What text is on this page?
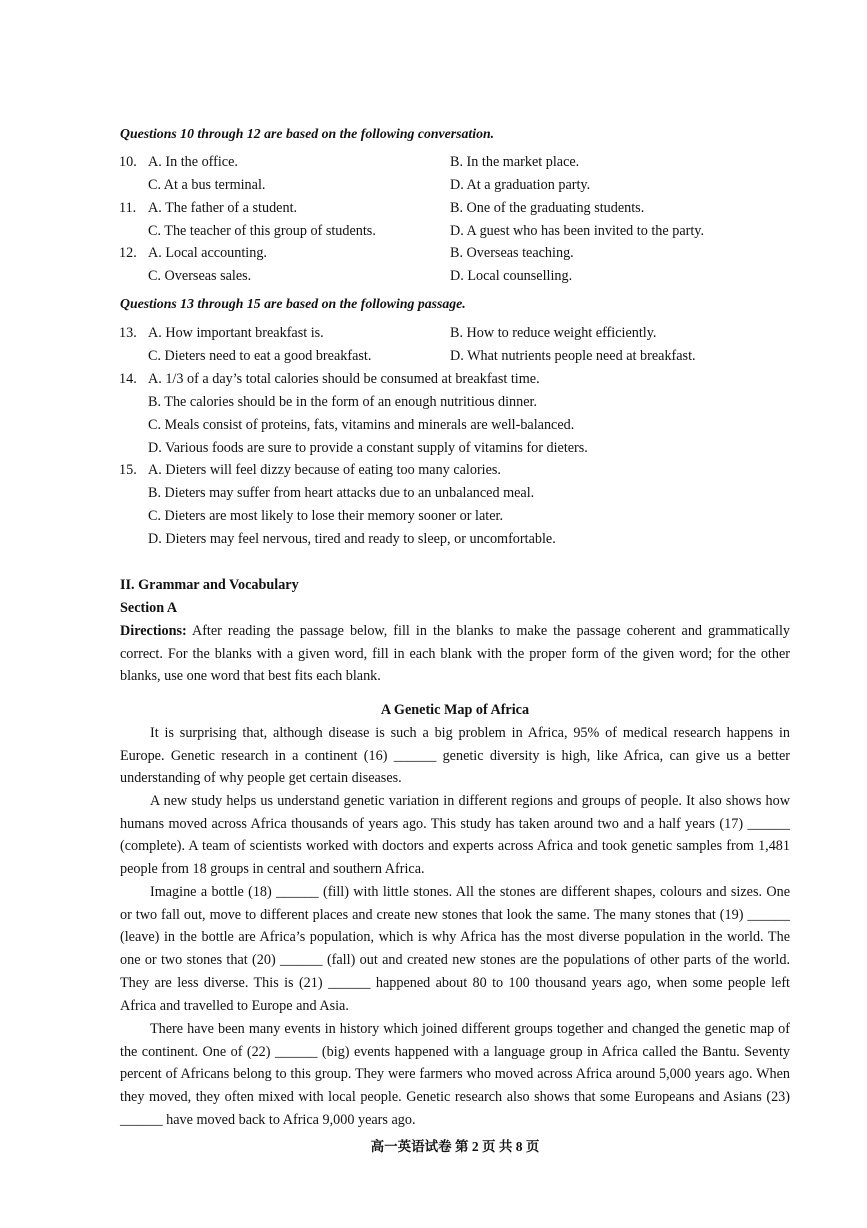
Questions 10 through 12 are based on the following conversation.
10. A. In the office.	B. In the market place.
C. At a bus terminal.	D. At a graduation party.
11. A. The father of a student.	B. One of the graduating students.
C. The teacher of this group of students.	D. A guest who has been invited to the party.
12. A. Local accounting.	B. Overseas teaching.
C. Overseas sales.	D. Local counselling.
Questions 13 through 15 are based on the following passage.
13. A. How important breakfast is.	B. How to reduce weight efficiently.
C. Dieters need to eat a good breakfast.	D. What nutrients people need at breakfast.
14. A. 1/3 of a day’s total calories should be consumed at breakfast time.
B. The calories should be in the form of an enough nutritious dinner.
C. Meals consist of proteins, fats, vitamins and minerals are well-balanced.
D. Various foods are sure to provide a constant supply of vitamins for dieters.
15. A. Dieters will feel dizzy because of eating too many calories.
B. Dieters may suffer from heart attacks due to an unbalanced meal.
C. Dieters are most likely to lose their memory sooner or later.
D. Dieters may feel nervous, tired and ready to sleep, or uncomfortable.
II. Grammar and Vocabulary
Section A

Directions: After reading the passage below, fill in the blanks to make the passage coherent and grammatically correct. For the blanks with a given word, fill in each blank with the proper form of the given word; for the other blanks, use one word that best fits each blank.

A Genetic Map of Africa

It is surprising that, although disease is such a big problem in Africa, 95% of medical research happens in Europe. Genetic research in a continent (16) ______ genetic diversity is high, like Africa, can give us a better understanding of why people get certain diseases.

A new study helps us understand genetic variation in different regions and groups of people. It also shows how humans moved across Africa thousands of years ago. This study has taken around two and a half years (17) ______ (complete). A team of scientists worked with doctors and experts across Africa and took genetic samples from 1,481 people from 18 groups in central and southern Africa.

Imagine a bottle (18) ______ (fill) with little stones. All the stones are different shapes, colours and sizes. One or two fall out, move to different places and create new stones that look the same. The many stones that (19) ______ (leave) in the bottle are Africa’s population, which is why Africa has the most diverse population in the world. The one or two stones that (20) ______ (fall) out and created new stones are the populations of other parts of the world. They are less diverse. This is (21) ______ happened about 80 to 100 thousand years ago, when some people left Africa and travelled to Europe and Asia.

There have been many events in history which joined different groups together and changed the genetic map of the continent. One of (22) ______ (big) events happened with a language group in Africa called the Bantu. Seventy percent of Africans belong to this group. They were farmers who moved across Africa around 5,000 years ago. When they moved, they often mixed with local people. Genetic research also shows that some Europeans and Asians (23) ______ have moved back to Africa 9,000 years ago.

高一英语试卷 第 2 页 共 8 页
